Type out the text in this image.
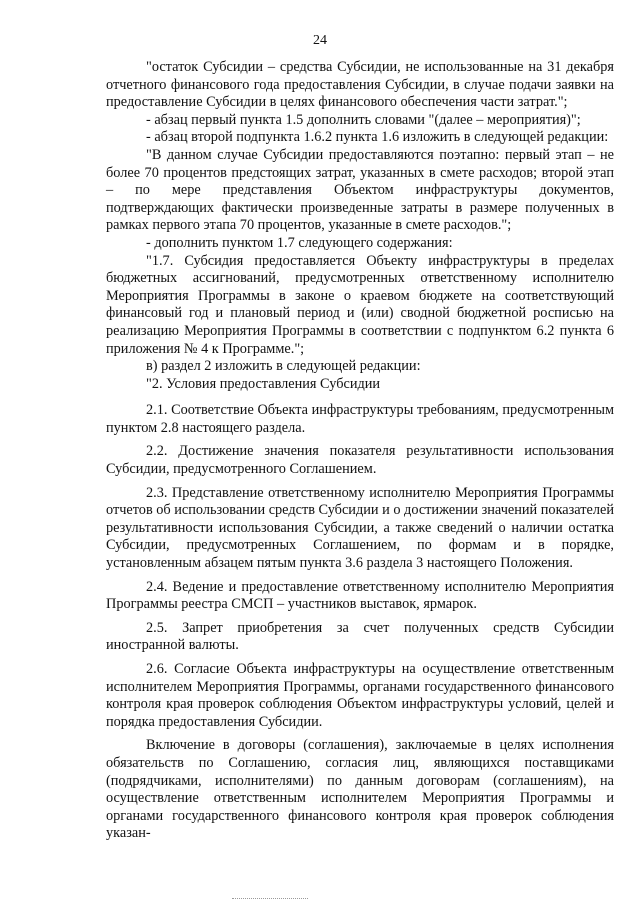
24

"остаток Субсидии – средства Субсидии, не использованные на 31 декабря отчетного финансового года предоставления Субсидии, в случае подачи заявки на предоставление Субсидии в целях финансового обеспечения части затрат.";

- абзац первый пункта 1.5 дополнить словами "(далее – мероприятия)";

- абзац второй подпункта 1.6.2 пункта 1.6 изложить в следующей редакции:

"В данном случае Субсидии предоставляются поэтапно: первый этап – не более 70 процентов предстоящих затрат, указанных в смете расходов; второй этап – по мере представления Объектом инфраструктуры документов, подтверждающих фактически произведенные затраты в размере полученных в рамках первого этапа 70 процентов, указанные в смете расходов.";

- дополнить пунктом 1.7 следующего содержания:

"1.7. Субсидия предоставляется Объекту инфраструктуры в пределах бюджетных ассигнований, предусмотренных ответственному исполнителю Мероприятия Программы в законе о краевом бюджете на соответствующий финансовый год и плановый период и (или) сводной бюджетной росписью на реализацию Мероприятия Программы в соответствии с подпунктом 6.2 пункта 6 приложения № 4 к Программе.";

в) раздел 2 изложить в следующей редакции:

"2. Условия предоставления Субсидии

2.1. Соответствие Объекта инфраструктуры требованиям, предусмотренным пунктом 2.8 настоящего раздела.

2.2. Достижение значения показателя результативности использования Субсидии, предусмотренного Соглашением.

2.3. Представление ответственному исполнителю Мероприятия Программы отчетов об использовании средств Субсидии и о достижении значений показателей результативности использования Субсидии, а также сведений о наличии остатка Субсидии, предусмотренных Соглашением, по формам и в порядке, установленным абзацем пятым пункта 3.6 раздела 3 настоящего Положения.

2.4. Ведение и предоставление ответственному исполнителю Мероприятия Программы реестра СМСП – участников выставок, ярмарок.

2.5. Запрет приобретения за счет полученных средств Субсидии иностранной валюты.

2.6. Согласие Объекта инфраструктуры на осуществление ответственным исполнителем Мероприятия Программы, органами государственного финансового контроля края проверок соблюдения Объектом инфраструктуры условий, целей и порядка предоставления Субсидии.

Включение в договоры (соглашения), заключаемые в целях исполнения обязательств по Соглашению, согласия лиц, являющихся поставщиками (подрядчиками, исполнителями) по данным договорам (соглашениям), на осуществление ответственным исполнителем Мероприятия Программы и органами государственного финансового контроля края проверок соблюдения указан-
